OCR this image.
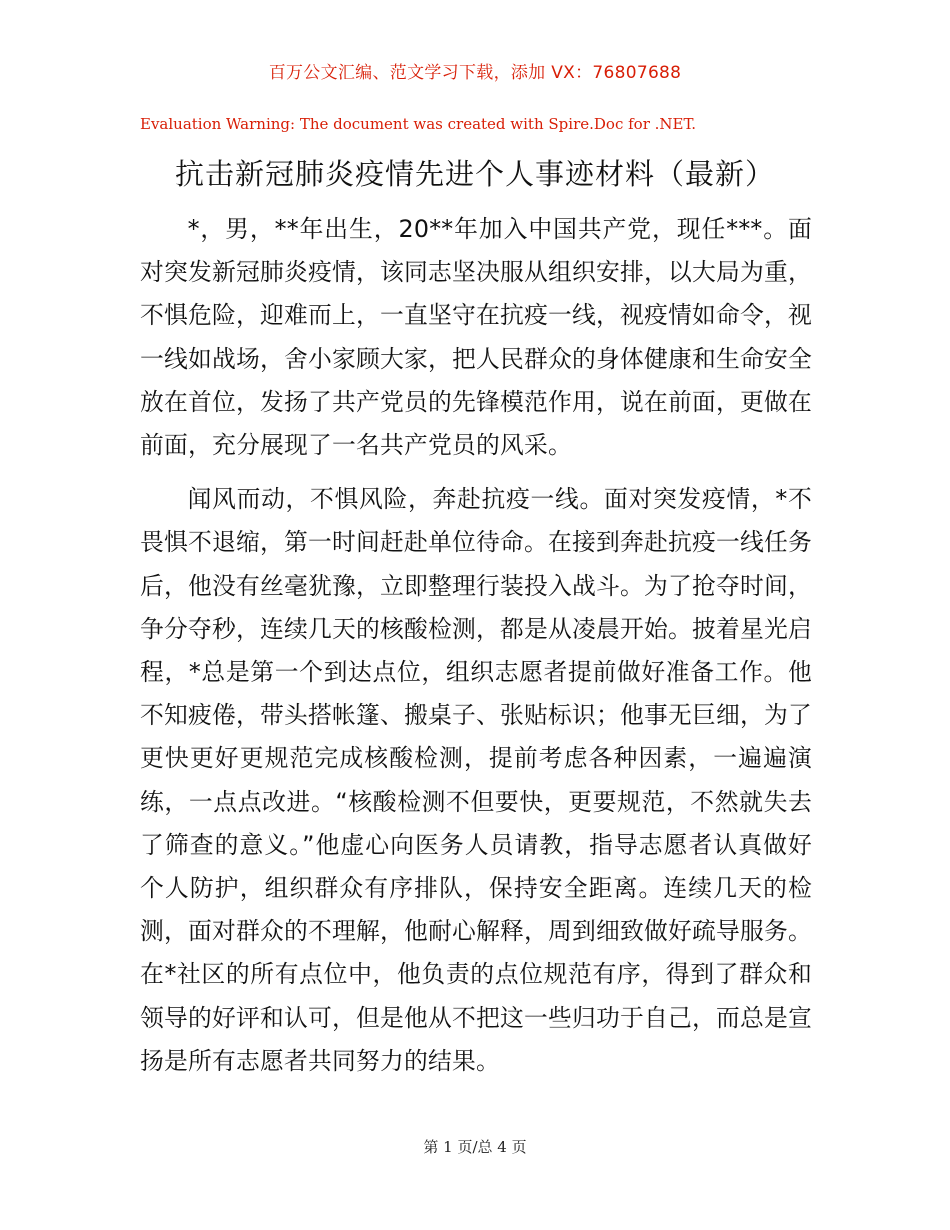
百万公文汇编、范文学习下载，添加 VX：76807688
Evaluation Warning: The document was created with Spire.Doc for .NET.
抗击新冠肺炎疫情先进个人事迹材料（最新）

*，男，**年出生，20**年加入中国共产党，现任***。面对突发新冠肺炎疫情，该同志坚决服从组织安排，以大局为重，不惧危险，迎难而上，一直坚守在抗疫一线，视疫情如命令，视一线如战场，舍小家顾大家，把人民群众的身体健康和生命安全放在首位，发扬了共产党员的先锋模范作用，说在前面，更做在前面，充分展现了一名共产党员的风采。

闻风而动，不惧风险，奔赴抗疫一线。面对突发疫情，*不畏惧不退缩，第一时间赶赴单位待命。在接到奔赴抗疫一线任务后，他没有丝毫犹豫，立即整理行装投入战斗。为了抢夺时间，争分夺秒，连续几天的核酸检测，都是从凌晨开始。披着星光启程，*总是第一个到达点位，组织志愿者提前做好准备工作。他不知疲倦，带头搭帐篷、搬桌子、张贴标识；他事无巨细，为了更快更好更规范完成核酸检测，提前考虑各种因素，一遍遍演练，一点点改进。“核酸检测不但要快，更要规范，不然就失去了筛查的意义。”他虚心向医务人员请教，指导志愿者认真做好个人防护，组织群众有序排队，保持安全距离。连续几天的检测，面对群众的不理解，他耐心解释，周到细致做好疏导服务。在*社区的所有点位中，他负责的点位规范有序，得到了群众和领导的好评和认可，但是他从不把这一些归功于自己，而总是宣扬是所有志愿者共同努力的结果。

第 1 页/总 4 页
